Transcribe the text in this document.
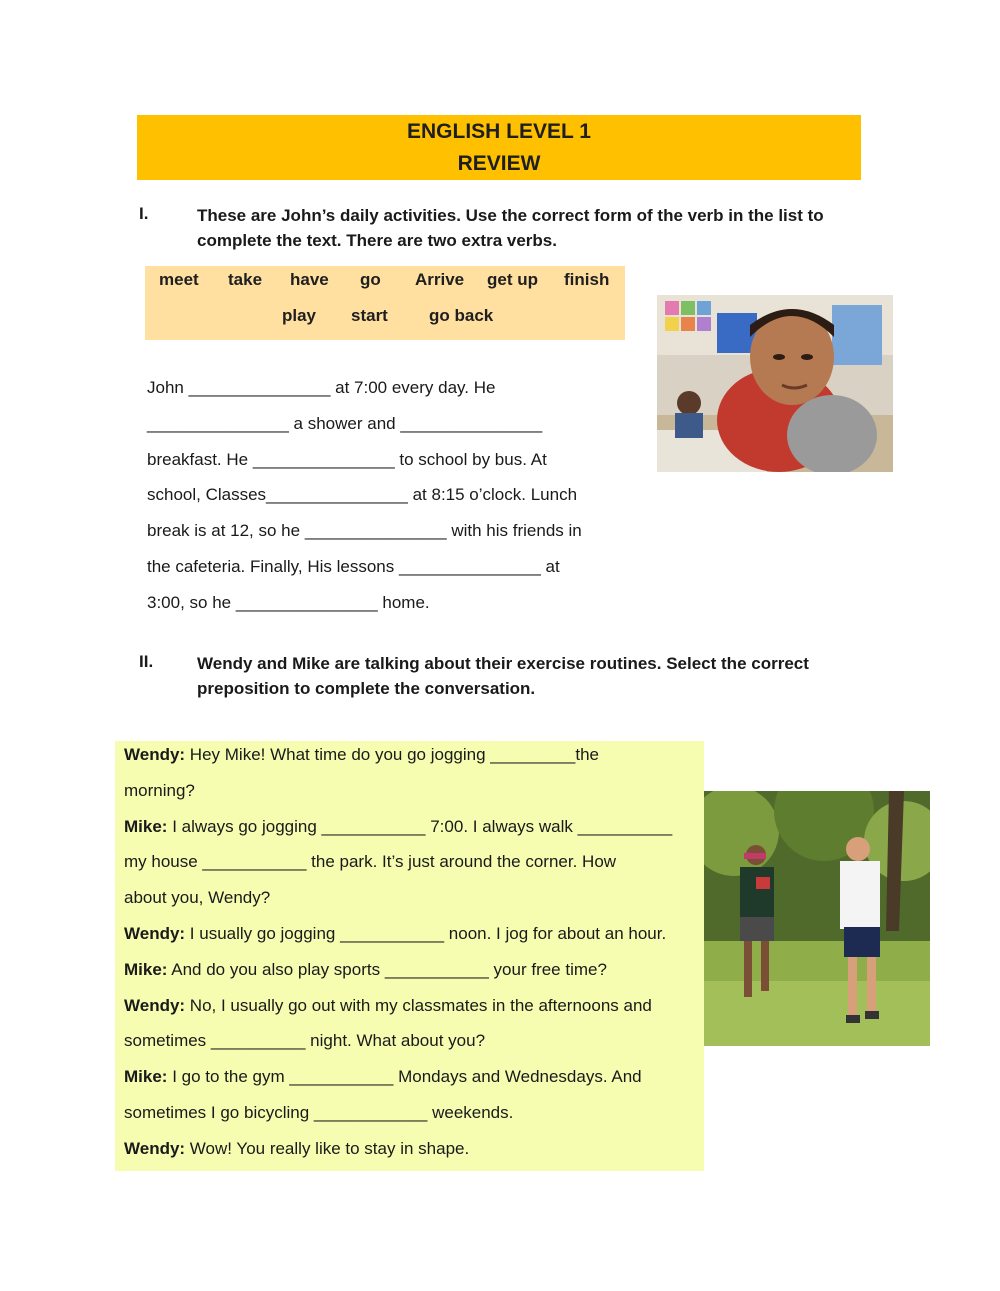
ENGLISH LEVEL 1
REVIEW
I.	These are John’s daily activities. Use the correct form of the verb in the list to complete the text. There are two extra verbs.
meet take have go Arrive get up finish
play start go back
John _______________ at 7:00 every day. He
_______________ a shower and _______________
breakfast. He _______________ to school by bus. At
school, Classes_______________ at 8:15 o’clock. Lunch
break is at 12, so he _______________ with his friends in
the cafeteria. Finally, His lessons _______________ at
3:00, so he _______________ home.
II.	Wendy and Mike are talking about their exercise routines. Select the correct preposition to complete the conversation.
Wendy: Hey Mike! What time do you go jogging _________the
morning?
Mike: I always go jogging ___________ 7:00. I always walk __________
my house ___________ the park. It’s just around the corner. How
about you, Wendy?
Wendy: I usually go jogging ___________ noon. I jog for about an hour.
Mike: And do you also play sports ___________ your free time?
Wendy: No, I usually go out with my classmates in the afternoons and
sometimes __________ night. What about you?
Mike: I go to the gym ___________ Mondays and Wednesdays. And
sometimes I go bicycling ____________ weekends.
Wendy: Wow! You really like to stay in shape.
